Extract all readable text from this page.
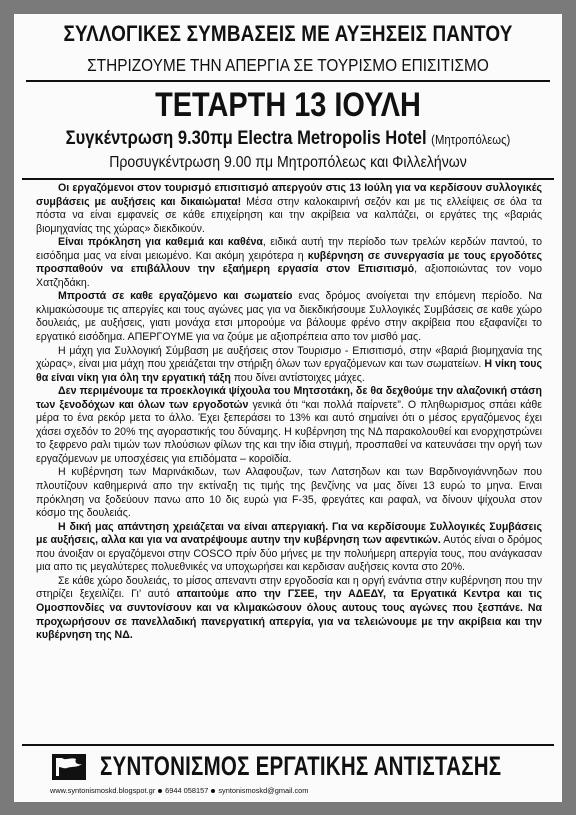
ΣΥΛΛΟΓΙΚΕΣ ΣΥΜΒΑΣΕΙΣ ΜΕ ΑΥΞΗΣΕΙΣ ΠΑΝΤΟΥ
ΣΤΗΡΙΖΟΥΜΕ ΤΗΝ ΑΠΕΡΓΙΑ ΣΕ ΤΟΥΡΙΣΜΟ ΕΠΙΣΙΤΙΣΜΟ
ΤΕΤΑΡΤΗ 13 ΙΟΥΛΗ
Συγκέντρωση 9.30πμ Electra Metropolis Hotel (Μητροπόλεως)
Προσυγκέντρωση 9.00 πμ Μητροπόλεως και Φιλλελήνων

Οι εργαζόμενοι στον τουρισμό επισιτισμό απεργούν στις 13 Ιούλη για να κερδίσουν συλλογικές συμβάσεις με αυξήσεις και δικαιώματα! Μέσα στην καλοκαιρινή σεζόν και με τις ελλείψεις σε όλα τα πόστα να είναι εμφανείς σε κάθε επιχείρηση και την ακρίβεια να καλπάζει, οι εργάτες της «βαριάς βιομηχανίας της χώρας» διεκδικούν.

Είναι πρόκληση για καθεμιά και καθένα, ειδικά αυτή την περίοδο των τρελών κερδών παντού, το εισόδημα μας να είναι μειωμένο. Και ακόμη χειρότερα η κυβέρνηση σε συνεργασία με τους εργοδότες προσπαθούν να επιβάλλουν την εξαήμερη εργασία στον Επισιτισμό, αξιοποιώντας τον νομο Χατζηδάκη.

Μπροστά σε καθε εργαζόμενο και σωματείο ενας δρόμος ανοίγεται την επόμενη περίοδο. Να κλιμακώσουμε τις απεργίες και τους αγώνες μας για να διεκδικήσουμε Συλλογικές Συμβάσεις σε καθε χώρο δουλειάς, με αυξήσεις, γιατι μονάχα ετσι μπορούμε να βάλουμε φρένο στην ακρίβεια που εξαφανίζει το εργατικό εισόδημα. ΑΠΕΡΓΟΥΜΕ για να ζούμε με αξιοπρέπεια απο τον μισθό μας.

Η μάχη για Συλλογική Σύμβαση με αυξήσεις στον Τουρισμο - Επισιτισμό, στην «βαριά βιομηχανία της χώρας», είναι μια μάχη που χρειάζεται την στήριξη όλων των εργαζόμενων και των σωματείων. Η νίκη τους θα είναι νίκη για όλη την εργατική τάξη που δίνει αντίστοιχες μάχες.

Δεν περιμένουμε τα προεκλογικά ψίχουλα του Μητσοτάκη, δε θα δεχθούμε την αλαζονική στάση των ξενοδόχων και όλων των εργοδοτών γενικά ότι “και πολλά παίρνετε”. Ο πληθωρισμος σπάει κάθε μέρα το ένα ρεκόρ μετα το άλλο. Έχει ξεπεράσει το 13% και αυτό σημαίνει ότι ο μέσος εργαζόμενος έχει χάσει σχεδόν το 20% της αγοραστικής του δύναμης. Η κυβέρνηση της ΝΔ παρακολουθεί και ενορχηστρώνει το ξεφρενο ραλι τιμών των πλούσιων φίλων της και την ίδια στιγμή, προσπαθεί να κατευνάσει την οργή των εργαζόμενων με υποσχέσεις για επιδόματα – κοροϊδία.

Η κυβέρνηση των Μαρινάκιδων, των Αλαφουζων, των Λατσηδων και των Βαρδινογιάννηδων που πλουτίζουν καθημερινά απο την εκτίναξη τις τιμής της βενζίνης να μας δίνει 13 ευρώ το μηνα. Ειναι πρόκληση να ξοδεύουν πανω απο 10 δις ευρώ για F-35, φρεγάτες και ραφαλ, να δίνουν ψίχουλα στον κόσμο της δουλειάς.

Η δική μας απάντηση χρειάζεται να είναι απεργιακή. Για να κερδίσουμε Συλλογικές Συμβάσεις με αυξήσεις, αλλα και για να ανατρέψουμε αυτην την κυβέρνηση των αφεντικών. Αυτός είναι ο δρόμος που άνοιξαν οι εργαζόμενοι στην COSCO πρίν δύο μήνες με την πολυήμερη απεργία τους, που ανάγκασαν μια απο τις μεγαλύτερες πολυεθνικές να υποχωρήσει και κερδισαν αυξήσεις κοντα στο 20%.

Σε κάθε χώρο δουλειάς, το μίσος απεναντι στην εργοδοσία και η οργή ενάντια στην κυβέρνηση που την στηρίζει ξεχειλίζει. Γι’ αυτό απαιτούμε απο την ΓΣΕΕ, την ΑΔΕΔΥ, τα Εργατικά Κεντρα και τις Ομοσπονδίες να συντονίσουν και να κλιμακώσουν όλους αυτους τους αγώνες που ξεσπάνε. Να προχωρήσουν σε πανελλαδική πανεργατική απεργία, για να τελειώνουμε με την ακρίβεια και την κυβέρνηση της ΝΔ.

ΣΥΝΤΟΝΙΣΜΟΣ ΕΡΓΑΤΙΚΗΣ ΑΝΤΙΣΤΑΣΗΣ
www.syntonismoskd.blogspot.gr 6944 058157 syntonismoskd@gmail.com
